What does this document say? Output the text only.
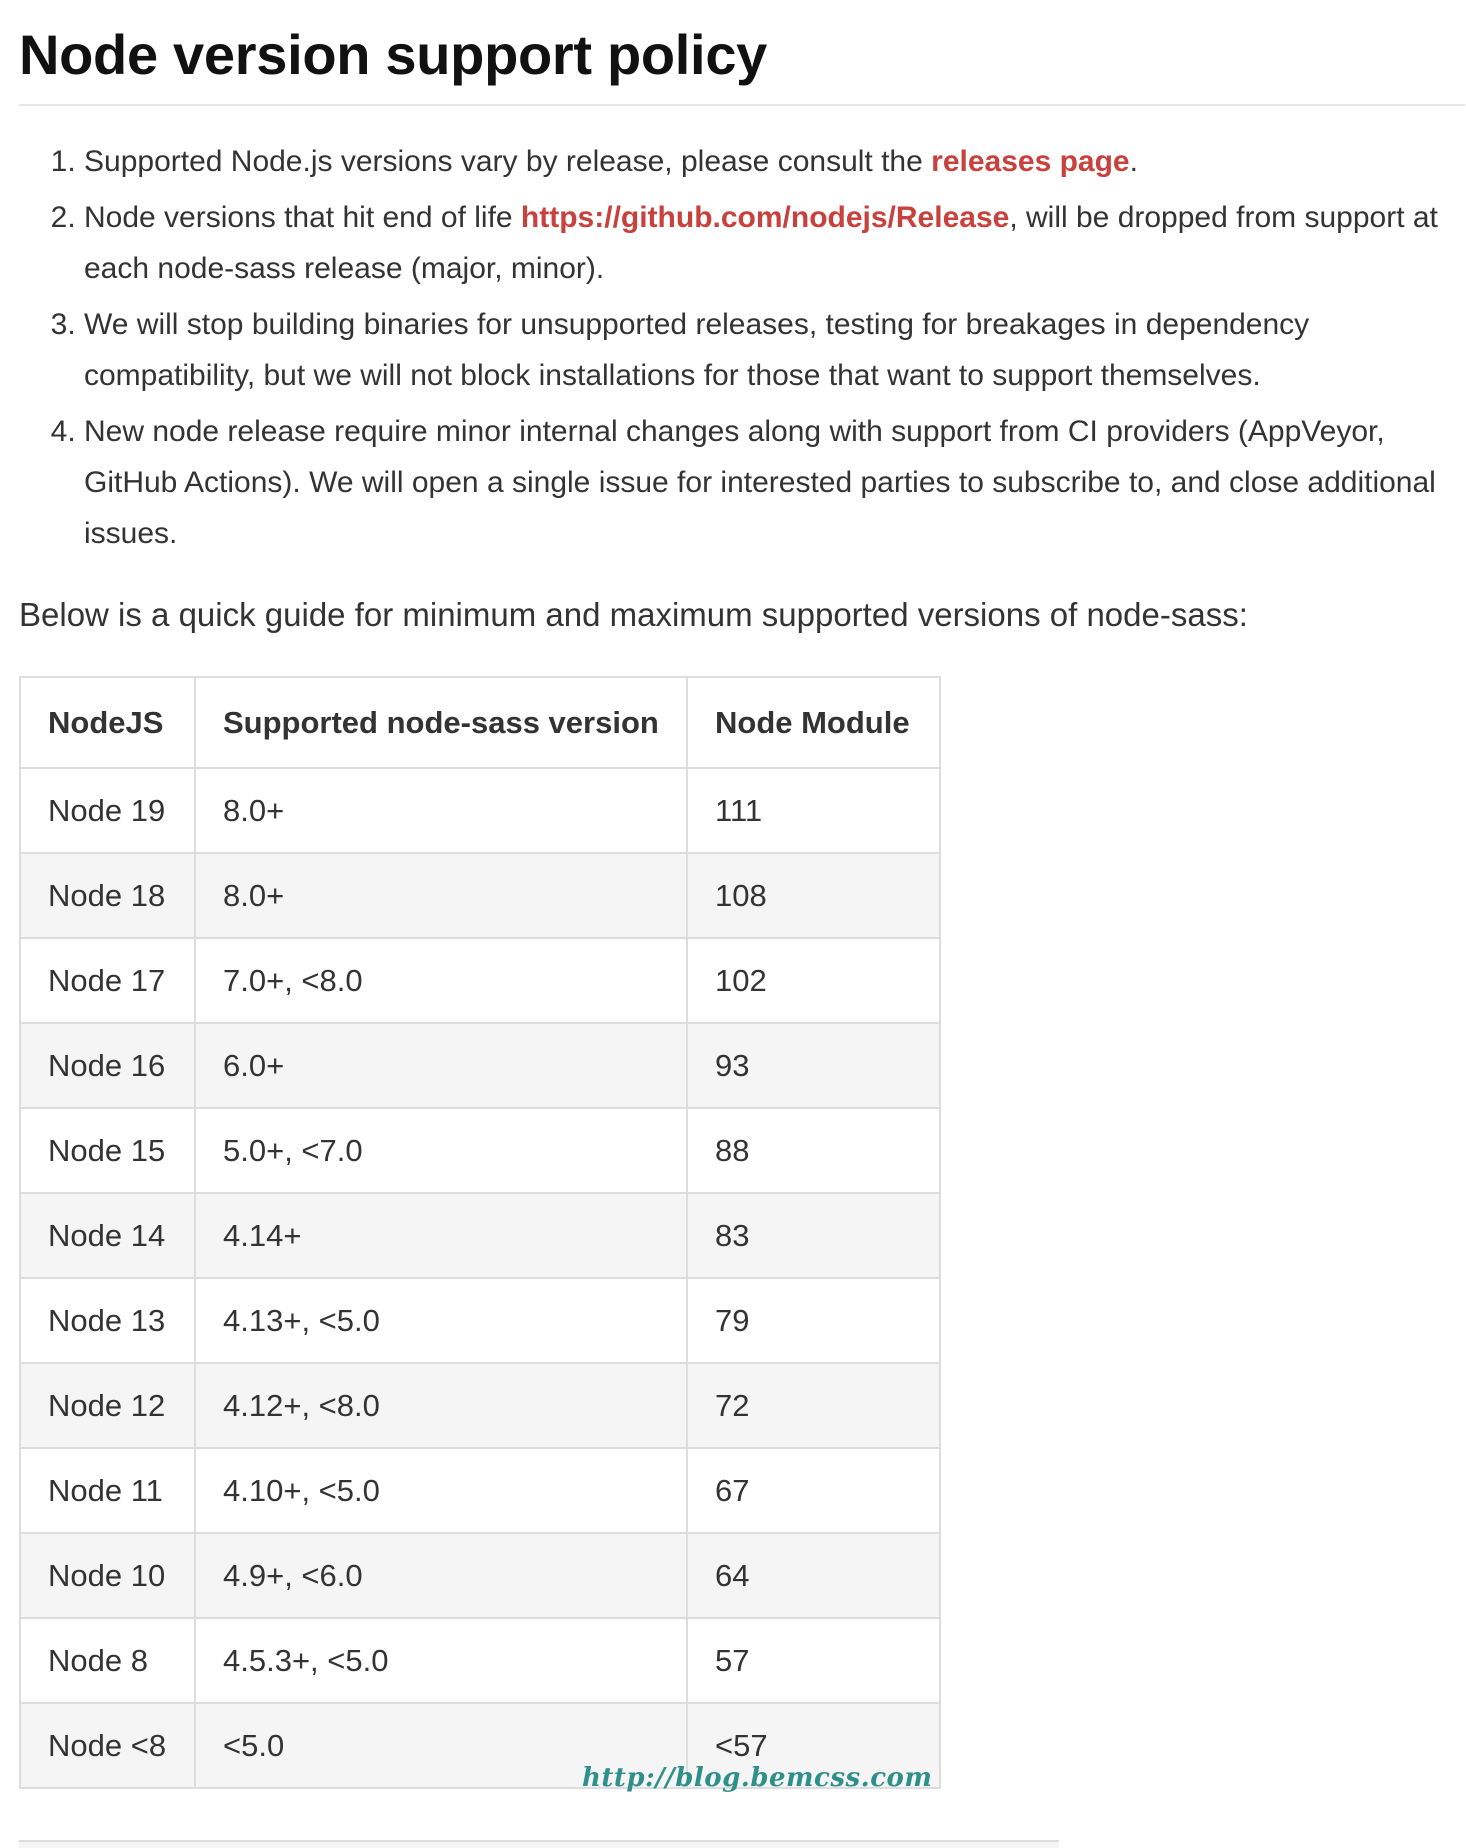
Node version support policy
1. Supported Node.js versions vary by release, please consult the releases page.
2. Node versions that hit end of life https://github.com/nodejs/Release, will be dropped from support at each node-sass release (major, minor).
3. We will stop building binaries for unsupported releases, testing for breakages in dependency compatibility, but we will not block installations for those that want to support themselves.
4. New node release require minor internal changes along with support from CI providers (AppVeyor, GitHub Actions). We will open a single issue for interested parties to subscribe to, and close additional issues.

Below is a quick guide for minimum and maximum supported versions of node-sass:

NodeJS	Supported node-sass version	Node Module
Node 19	8.0+	111
Node 18	8.0+	108
Node 17	7.0+, <8.0	102
Node 16	6.0+	93
Node 15	5.0+, <7.0	88
Node 14	4.14+	83
Node 13	4.13+, <5.0	79
Node 12	4.12+, <8.0	72
Node 11	4.10+, <5.0	67
Node 10	4.9+, <6.0	64
Node 8	4.5.3+, <5.0	57
Node <8	<5.0	<57
http://blog.bemcss.com
